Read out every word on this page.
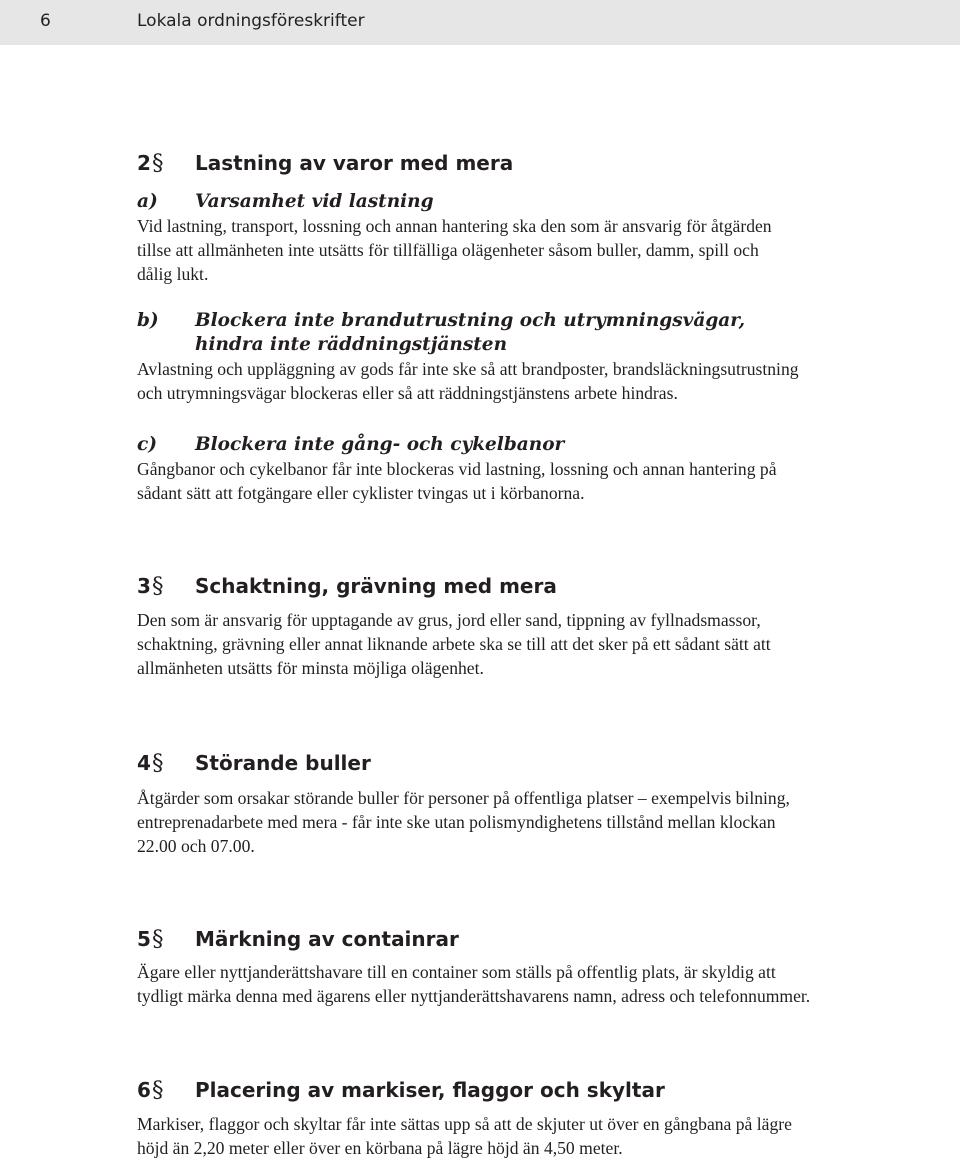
6	Lokala ordningsföreskrifter
2 §	Lastning av varor med mera
a)	Varsamhet vid lastning

Vid lastning, transport, lossning och annan hantering ska den som är ansvarig för åtgärden
tillse att allmänheten inte utsätts för tillfälliga olägenheter såsom buller, damm, spill och
dålig lukt.

b)	Blockera inte brandutrustning och utrymningsvägar,
hindra inte räddningstjänsten

Avlastning och uppläggning av gods får inte ske så att brandposter, brandsläckningsutrustning
och utrymningsvägar blockeras eller så att räddningstjänstens arbete hindras.

c)	Blockera inte gång- och cykelbanor

Gångbanor och cykelbanor får inte blockeras vid lastning, lossning och annan hantering på
sådant sätt att fotgängare eller cyklister tvingas ut i körbanorna.

3 §	Schaktning, grävning med mera

Den som är ansvarig för upptagande av grus, jord eller sand, tippning av fyllnadsmassor,
schaktning, grävning eller annat liknande arbete ska se till att det sker på ett sådant sätt att
allmänheten utsätts för minsta möjliga olägenhet.

4 §	Störande buller

Åtgärder som orsakar störande buller för personer på offentliga platser – exempelvis bilning,
entreprenadarbete med mera - får inte ske utan polismyndighetens tillstånd mellan klockan
22.00 och 07.00.

5 §	Märkning av containrar

Ägare eller nyttjanderättshavare till en container som ställs på offentlig plats, är skyldig att
tydligt märka denna med ägarens eller nyttjanderättshavarens namn, adress och telefonnummer.

6 §	Placering av markiser, flaggor och skyltar

Markiser, flaggor och skyltar får inte sättas upp så att de skjuter ut över en gångbana på lägre
höjd än 2,20 meter eller över en körbana på lägre höjd än 4,50 meter.
